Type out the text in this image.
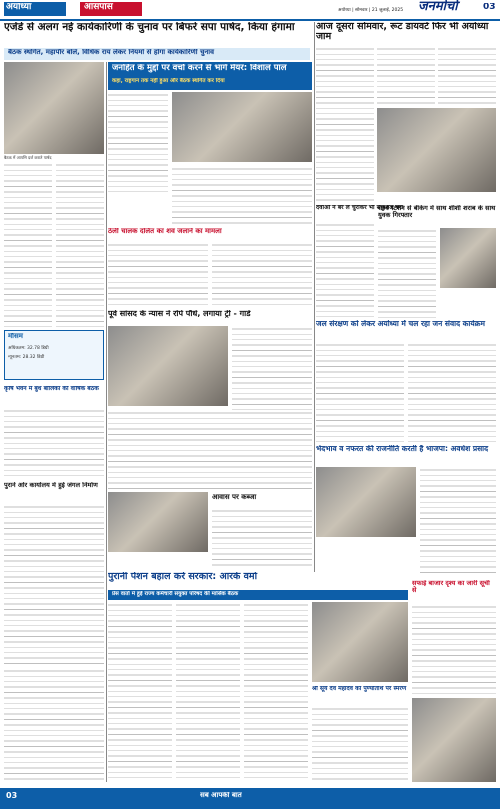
अयोध्या	आसपास	अयोध्या | सोमवार | 21 जुलाई, 2025	जनमोर्चा	03
एजेंडे से अलग नई कार्यकारिणी के चुनाव पर बिफरे सपा पार्षद, किया हंगामा
बैठक स्थगित, महापौर बोले, विधिक राय लेकर नियमों से होगा कार्यकारिणी चुनाव
बैठक में आपत्ति दर्ज कराते पार्षद
जनहित के मुद्दों पर वर्चा करने से भागे मेयर: विशाल पाल
कहा, राष्ट्रगान तक नहीं हुआ और बैठक स्थगित कर दिया
आज दूसरा सोमवार, रूट डायवर्ट फिर भी अयोध्या जाम
दवाओं ने बर ले चुराकर भी सकुशल बरा
रेलवे स्टेशन से बेकिंग में साथ शीशी शराब के साथ युवक गिरफ्तार
ठेली चालक दलित का शव जलाने का मामला
मौसम
अधिकतम: 32.78 डिग्री
न्यूनतम: 28.32 डिग्री
पूर्व सांसद के न्यास ने रोपे पौधे, लगाया ट्री - गार्ड
जल संरक्षण को लेकर अयोध्या में चल रहा जन संवाद कार्यक्रम
कृषि भवन में बुध बालिका की वार्षिक बैठक
भेदभाव व नफरत की राजनीति करती है भाजपा: अवधेश प्रसाद
पुराने ओर कार्यालय में हुई जंगल निर्माण
आवास पर कब्जा
पुरानी पेंशन बहाल करे सरकार: आरके वर्मा
प्रेस वार्ता में हुई राज्य कर्मचारी संयुक्त परिषद की मासिक बैठक
सफाई बाजार दृश्य का जारी सूची से
श्री सूर्य देव महादेव को पुण्यतिथि पर स्मरण
03	सब आपकी बात
